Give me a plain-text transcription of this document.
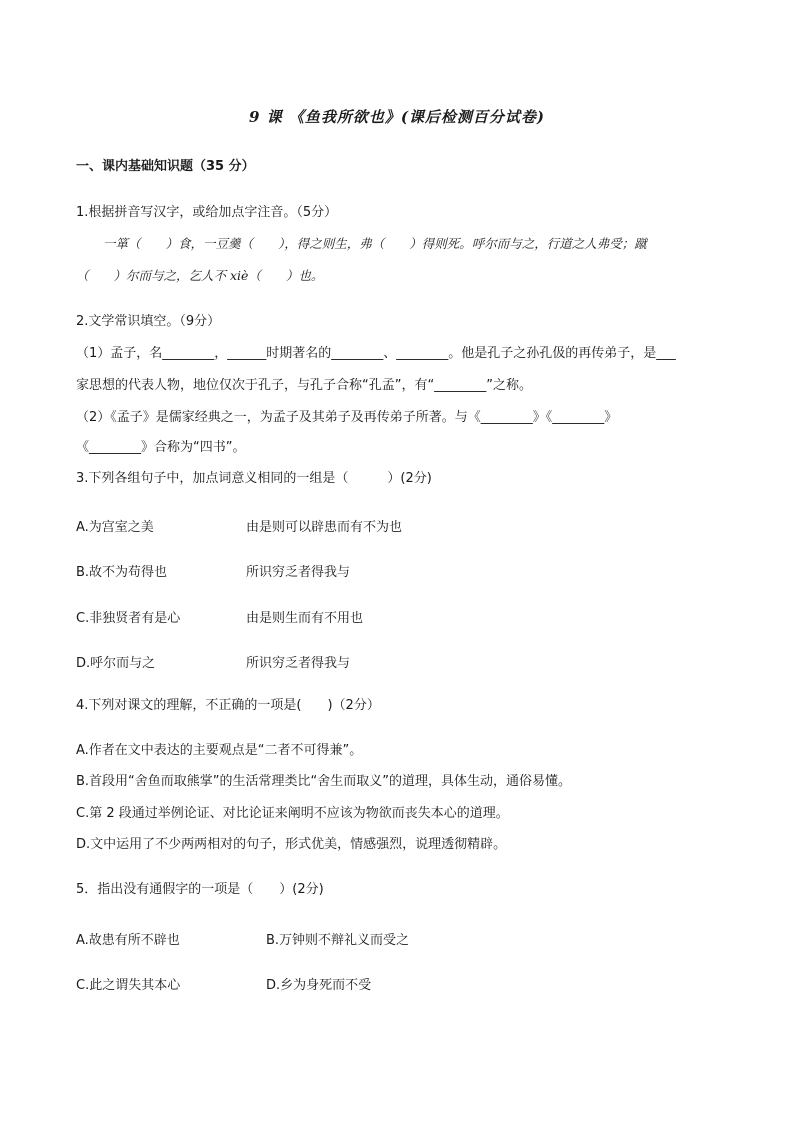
9 课 《鱼我所欲也》(课后检测百分试卷)
一、课内基础知识题（35 分）
1.根据拼音写汉字，或给加点字注音。（5分）
一箪（　　）食，一豆羹（　　），得之则生，弗（　　）得则死。呼尔而与之，行道之人弗受；蹴
（　　）尔而与之，乞人不 xiè（　　）也。
2.文学常识填空。（9分）
（1）孟子，名________，______时期著名的________、________。他是孔子之孙孔伋的再传弟子，是___
家思想的代表人物，地位仅次于孔子，与孔子合称“孔孟”，有“________”之称。
（2）《孟子》是儒家经典之一，为孟子及其弟子及再传弟子所著。与《________》《________》
《________》合称为“四书”。
3.下列各组句子中，加点词意义相同的一组是（　　　）(2分)
A.为宫室之美	由是则可以辟患而有不为也
B.故不为苟得也	所识穷乏者得我与
C.非独贤者有是心	由是则生而有不用也
D.呼尔而与之	所识穷乏者得我与
4.下列对课文的理解，不正确的一项是(　　)（2分）
A.作者在文中表达的主要观点是“二者不可得兼”。
B.首段用“舍鱼而取熊掌”的生活常理类比“舍生而取义”的道理，具体生动，通俗易懂。
C.第 2 段通过举例论证、对比论证来阐明不应该为物欲而丧失本心的道理。
D.文中运用了不少两两相对的句子，形式优美，情感强烈，说理透彻精辟。
5．指出没有通假字的一项是（　　）(2分)
A.故患有所不辟也	B.万钟则不辩礼义而受之
C.此之谓失其本心	D.乡为身死而不受
